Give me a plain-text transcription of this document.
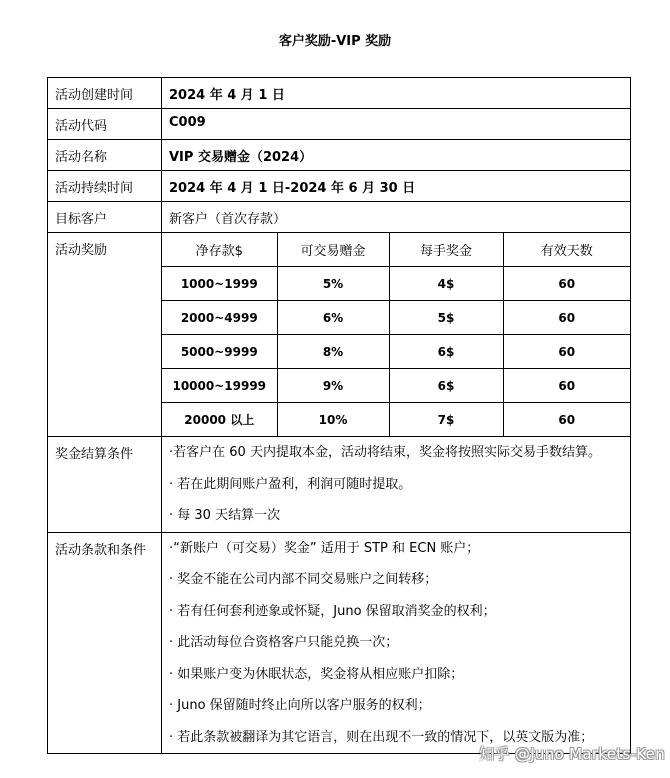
客户奖励-VIP 奖励
活动创建时间	2024 年 4 月 1 日
活动代码	C009
活动名称	VIP 交易赠金（2024）
活动持续时间	2024 年 4 月 1 日-2024 年 6 月 30 日
目标客户	新客户（首次存款）
活动奖励		净存款$	可交易赠金	每手奖金	有效天数
1000~1999	5%	4$	60
2000~4999	6%	5$	60
5000~9999	8%	6$	60
10000~19999	9%	6$	60
20000 以上	10%	7$	60

奖金结算条件	·若客户在 60 天内提取本金，活动将结束，奖金将按照实际交易手数结算。
· 若在此期间账户盈利，利润可随时提取。
· 每 30 天结算一次

活动条款和条件	·“新账户（可交易）奖金” 适用于 STP 和 ECN 账户；
· 奖金不能在公司内部不同交易账户之间转移；
· 若有任何套利迹象或怀疑，Juno 保留取消奖金的权利；
· 此活动每位合资格客户只能兑换一次；
· 如果账户变为休眠状态，奖金将从相应账户扣除；
· Juno 保留随时终止向所以客户服务的权利；
· 若此条款被翻译为其它语言，则在出现不一致的情况下，以英文版为准；
知乎 @Juno Markets-Ken
